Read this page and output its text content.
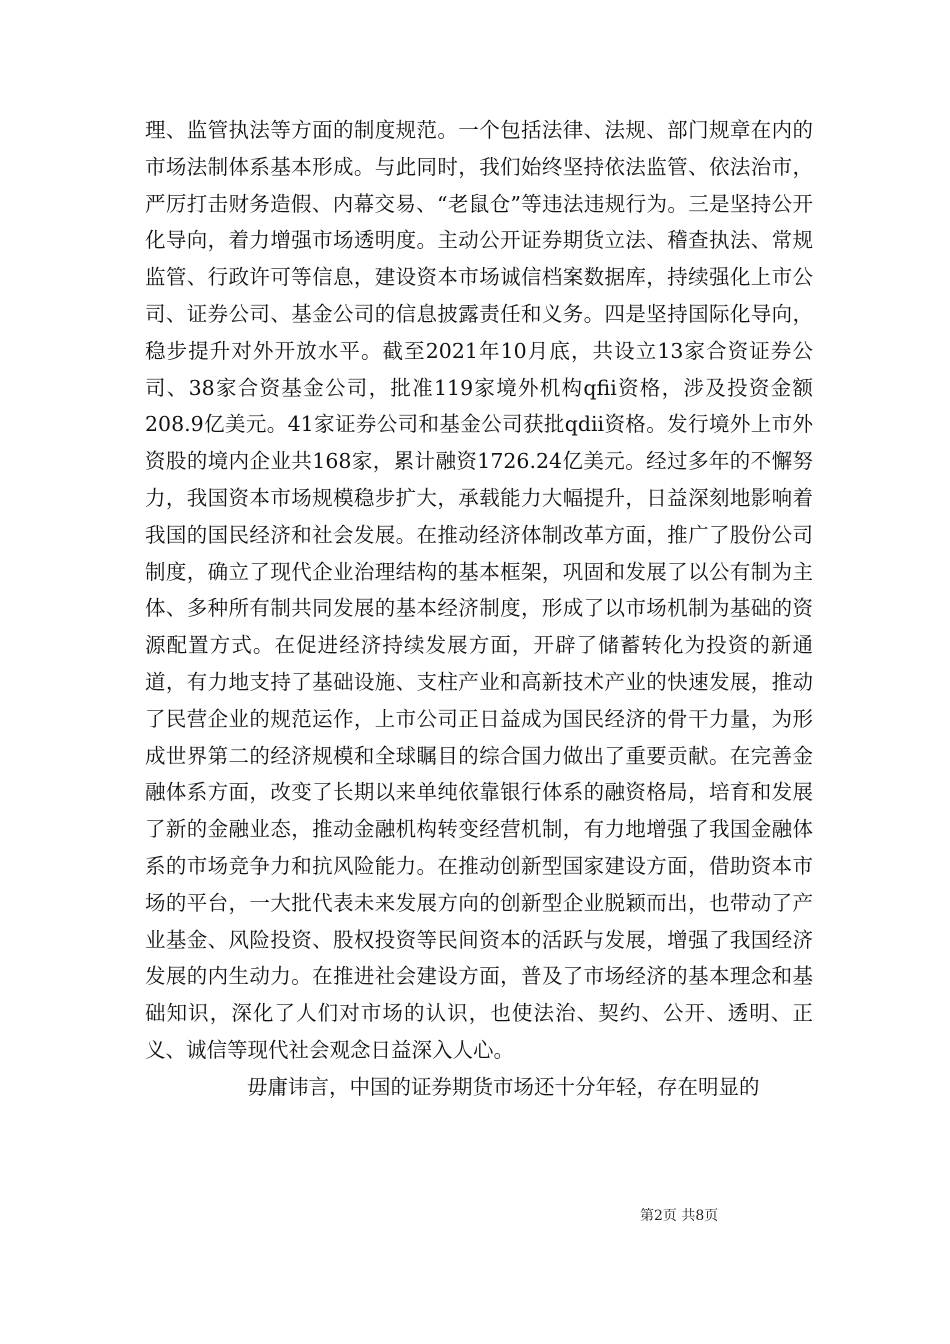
理、监管执法等方面的制度规范。一个包括法律、法规、部门规章在内的市场法制体系基本形成。与此同时，我们始终坚持依法监管、依法治市，严厉打击财务造假、内幕交易、“老鼠仓”等违法违规行为。三是坚持公开化导向，着力增强市场透明度。主动公开证券期货立法、稽查执法、常规监管、行政许可等信息，建设资本市场诚信档案数据库，持续强化上市公司、证券公司、基金公司的信息披露责任和义务。四是坚持国际化导向，稳步提升对外开放水平。截至2021年10月底，共设立13家合资证券公司、38家合资基金公司，批准119家境外机构qfii资格，涉及投资金额208.9亿美元。41家证券公司和基金公司获批qdii资格。发行境外上市外资股的境内企业共168家，累计融资1726.24亿美元。经过多年的不懈努力，我国资本市场规模稳步扩大，承载能力大幅提升，日益深刻地影响着我国的国民经济和社会发展。在推动经济体制改革方面，推广了股份公司制度，确立了现代企业治理结构的基本框架，巩固和发展了以公有制为主体、多种所有制共同发展的基本经济制度，形成了以市场机制为基础的资源配置方式。在促进经济持续发展方面，开辟了储蓄转化为投资的新通道，有力地支持了基础设施、支柱产业和高新技术产业的快速发展，推动了民营企业的规范运作，上市公司正日益成为国民经济的骨干力量，为形成世界第二的经济规模和全球瞩目的综合国力做出了重要贡献。在完善金融体系方面，改变了长期以来单纯依靠银行体系的融资格局，培育和发展了新的金融业态，推动金融机构转变经营机制，有力地增强了我国金融体系的市场竞争力和抗风险能力。在推动创新型国家建设方面，借助资本市场的平台，一大批代表未来发展方向的创新型企业脱颖而出，也带动了产业基金、风险投资、股权投资等民间资本的活跃与发展，增强了我国经济发展的内生动力。在推进社会建设方面，普及了市场经济的基本理念和基础知识，深化了人们对市场的认识，也使法治、契约、公开、透明、正义、诚信等现代社会观念日益深入人心。

毋庸讳言，中国的证券期货市场还十分年轻，存在明显的

第2页 共8页
